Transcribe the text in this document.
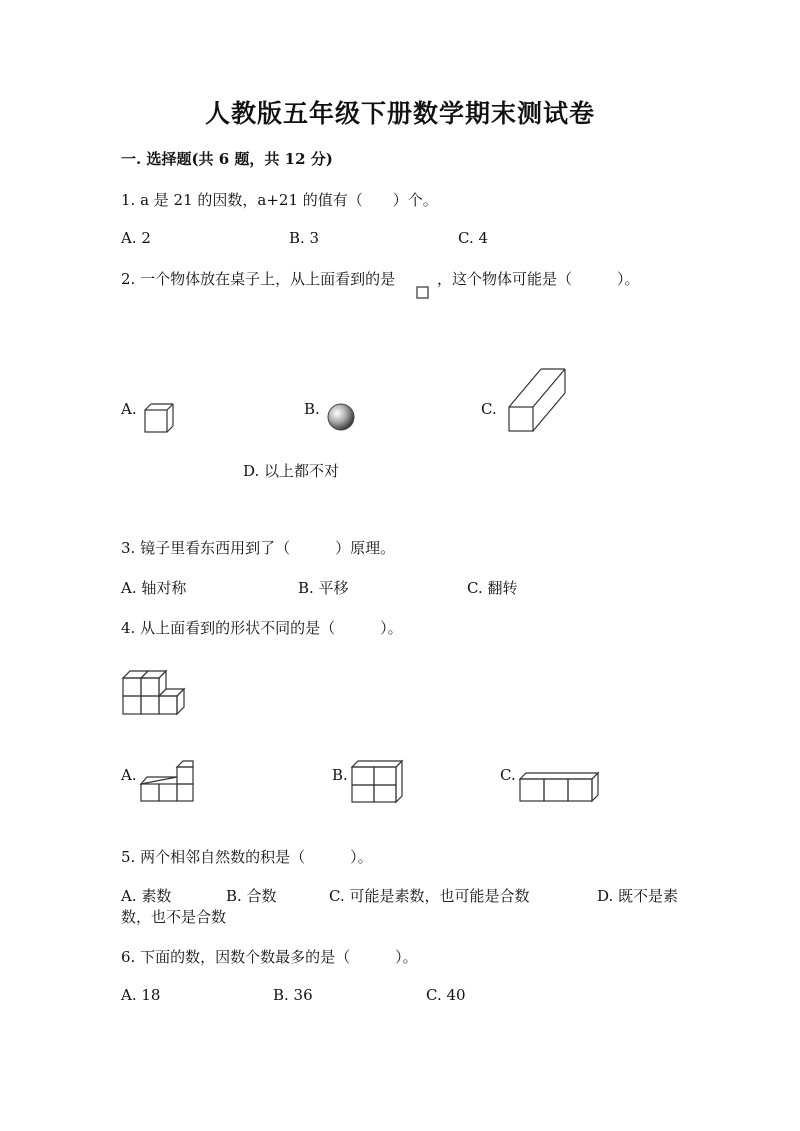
人教版五年级下册数学期末测试卷
一. 选择题(共 6 题，共 12 分)
1. a 是 21 的因数，a+21 的值有（　　）个。
A. 2	B. 3	C. 4
2. 一个物体放在桌子上，从上面看到的是	，这个物体可能是（　　　）。
A.	B.	C.
D. 以上都不对
3. 镜子里看东西用到了（　　　）原理。
A. 轴对称	B. 平移	C. 翻转
4. 从上面看到的形状不同的是（　　　）。
A.	B.	C.
5. 两个相邻自然数的积是（　　　）。
A. 素数	B. 合数	C. 可能是素数，也可能是合数	D. 既不是素
数，也不是合数
6. 下面的数，因数个数最多的是（　　　）。
A. 18	B. 36	C. 40
